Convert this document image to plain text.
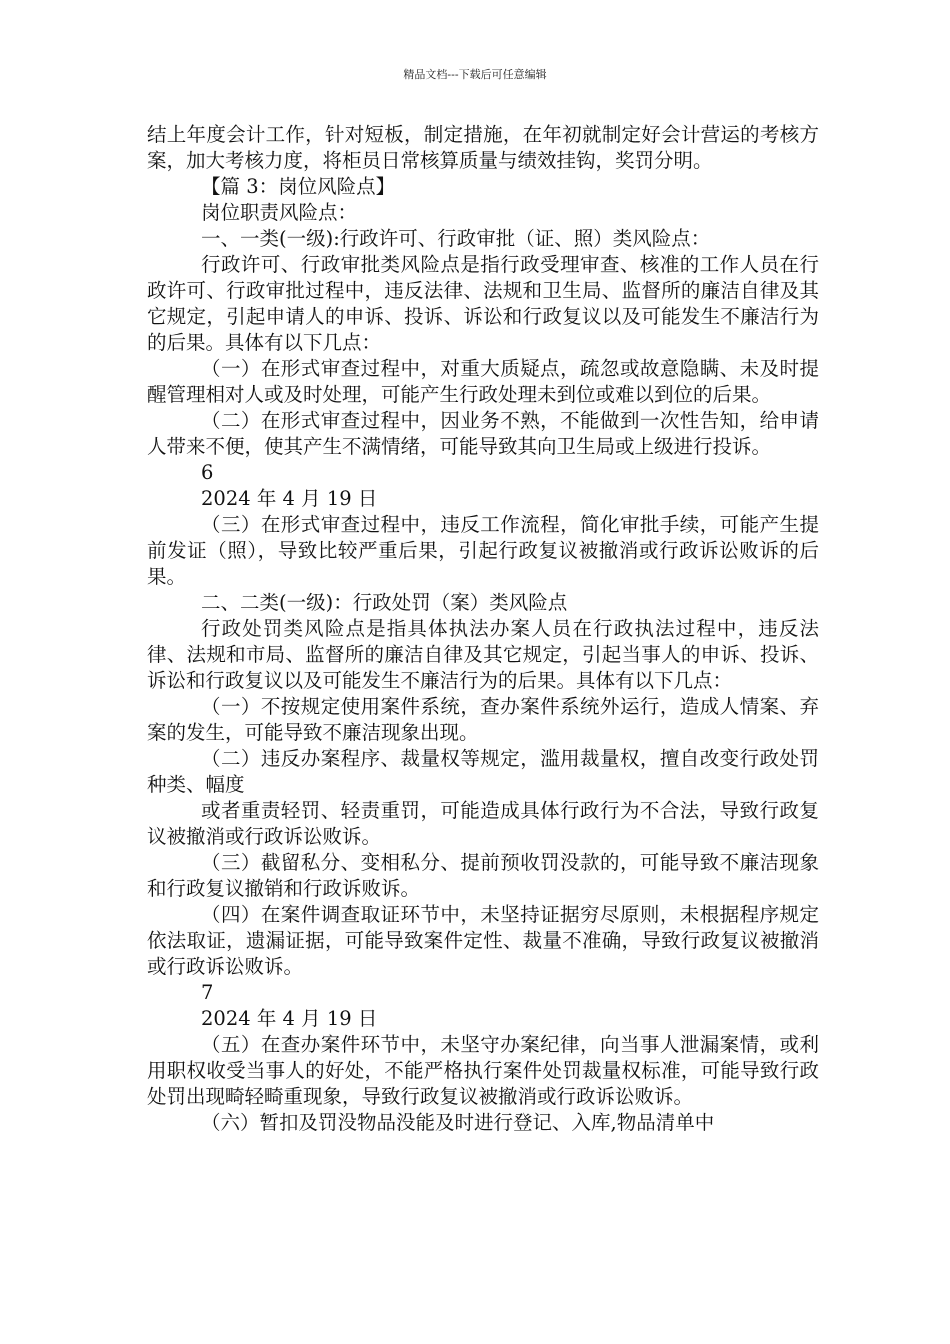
精品文档---下载后可任意编辑

结上年度会计工作，针对短板，制定措施，在年初就制定好会计营运的考核方案，加大考核力度，将柜员日常核算质量与绩效挂钩，奖罚分明。

【篇 3：岗位风险点】

岗位职责风险点：

一、一类(一级):行政许可、行政审批（证、照）类风险点：

行政许可、行政审批类风险点是指行政受理审查、核准的工作人员在行政许可、行政审批过程中，违反法律、法规和卫生局、监督所的廉洁自律及其它规定，引起申请人的申诉、投诉、诉讼和行政复议以及可能发生不廉洁行为的后果。具体有以下几点：

（一）在形式审查过程中，对重大质疑点，疏忽或故意隐瞒、未及时提醒管理相对人或及时处理，可能产生行政处理未到位或难以到位的后果。

（二）在形式审查过程中，因业务不熟，不能做到一次性告知，给申请人带来不便，使其产生不满情绪，可能导致其向卫生局或上级进行投诉。

6

2024 年 4 月 19 日

（三）在形式审查过程中，违反工作流程，简化审批手续，可能产生提前发证（照），导致比较严重后果，引起行政复议被撤消或行政诉讼败诉的后果。

二、二类(一级)：行政处罚（案）类风险点

行政处罚类风险点是指具体执法办案人员在行政执法过程中，违反法律、法规和市局、监督所的廉洁自律及其它规定，引起当事人的申诉、投诉、诉讼和行政复议以及可能发生不廉洁行为的后果。具体有以下几点：

（一）不按规定使用案件系统，查办案件系统外运行，造成人情案、弃案的发生，可能导致不廉洁现象出现。

（二）违反办案程序、裁量权等规定，滥用裁量权，擅自改变行政处罚种类、幅度

或者重责轻罚、轻责重罚，可能造成具体行政行为不合法，导致行政复议被撤消或行政诉讼败诉。

（三）截留私分、变相私分、提前预收罚没款的，可能导致不廉洁现象和行政复议撤销和行政诉败诉。

（四）在案件调查取证环节中，未坚持证据穷尽原则，未根据程序规定依法取证，遗漏证据，可能导致案件定性、裁量不准确，导致行政复议被撤消或行政诉讼败诉。

7

2024 年 4 月 19 日

（五）在查办案件环节中，未坚守办案纪律，向当事人泄漏案情，或利用职权收受当事人的好处，不能严格执行案件处罚裁量权标准，可能导致行政处罚出现畸轻畸重现象，导致行政复议被撤消或行政诉讼败诉。

（六）暂扣及罚没物品没能及时进行登记、入库,物品清单中
